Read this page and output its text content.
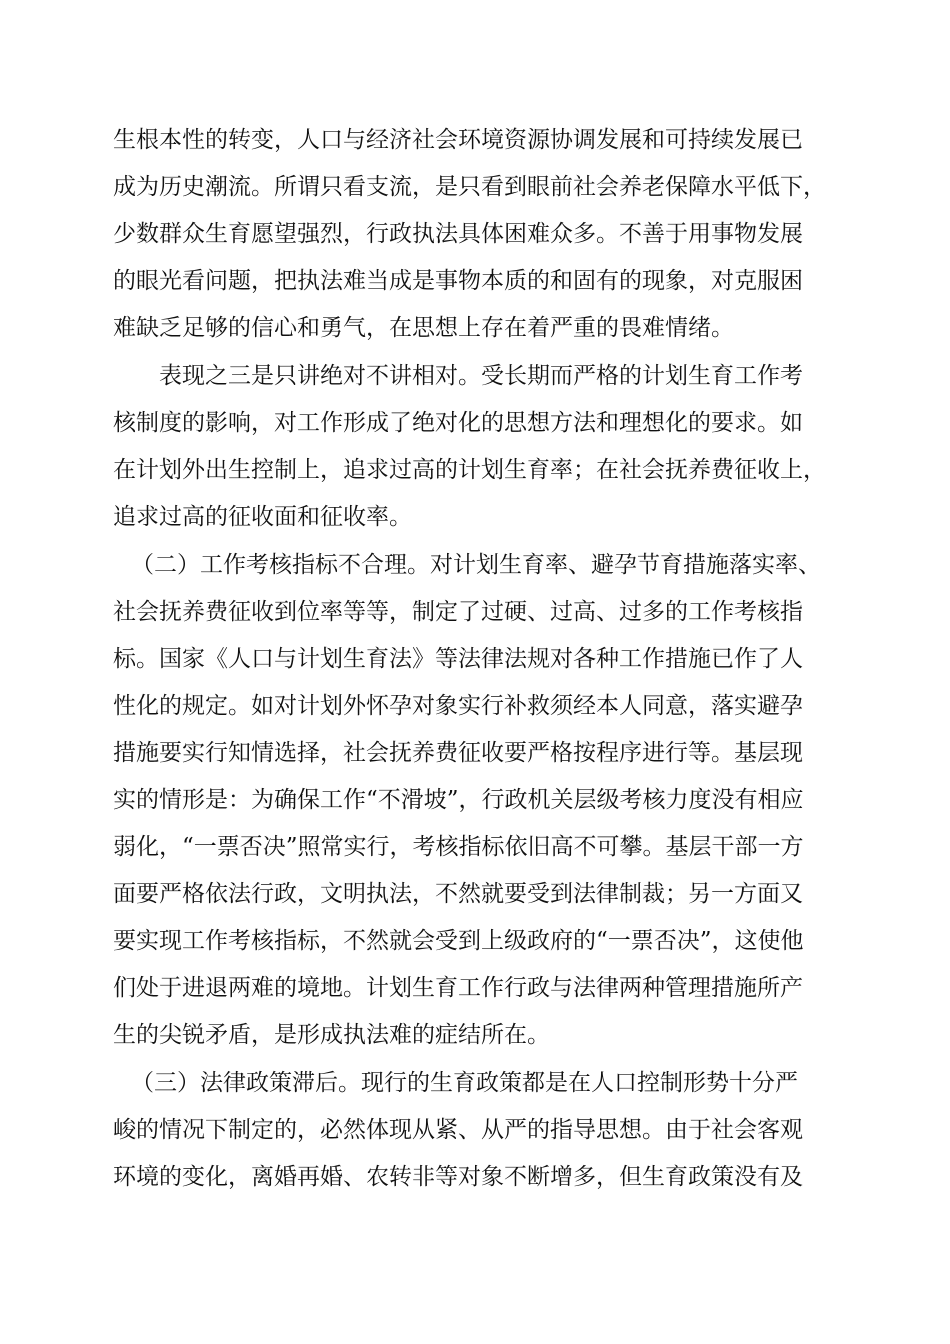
生根本性的转变，人口与经济社会环境资源协调发展和可持续发展已

成为历史潮流。所谓只看支流，是只看到眼前社会养老保障水平低下，

少数群众生育愿望强烈，行政执法具体困难众多。不善于用事物发展

的眼光看问题，把执法难当成是事物本质的和固有的现象，对克服困

难缺乏足够的信心和勇气，在思想上存在着严重的畏难情绪。

表现之三是只讲绝对不讲相对。受长期而严格的计划生育工作考

核制度的影响，对工作形成了绝对化的思想方法和理想化的要求。如

在计划外出生控制上，追求过高的计划生育率；在社会抚养费征收上，

追求过高的征收面和征收率。

（二）工作考核指标不合理。对计划生育率、避孕节育措施落实率、

社会抚养费征收到位率等等，制定了过硬、过高、过多的工作考核指

标。国家《人口与计划生育法》等法律法规对各种工作措施已作了人

性化的规定。如对计划外怀孕对象实行补救须经本人同意，落实避孕

措施要实行知情选择，社会抚养费征收要严格按程序进行等。基层现

实的情形是：为确保工作“不滑坡”，行政机关层级考核力度没有相应

弱化，“一票否决”照常实行，考核指标依旧高不可攀。基层干部一方

面要严格依法行政，文明执法，不然就要受到法律制裁；另一方面又

要实现工作考核指标，不然就会受到上级政府的“一票否决”，这使他

们处于进退两难的境地。计划生育工作行政与法律两种管理措施所产

生的尖锐矛盾，是形成执法难的症结所在。

（三）法律政策滞后。现行的生育政策都是在人口控制形势十分严

峻的情况下制定的，必然体现从紧、从严的指导思想。由于社会客观

环境的变化，离婚再婚、农转非等对象不断增多，但生育政策没有及
